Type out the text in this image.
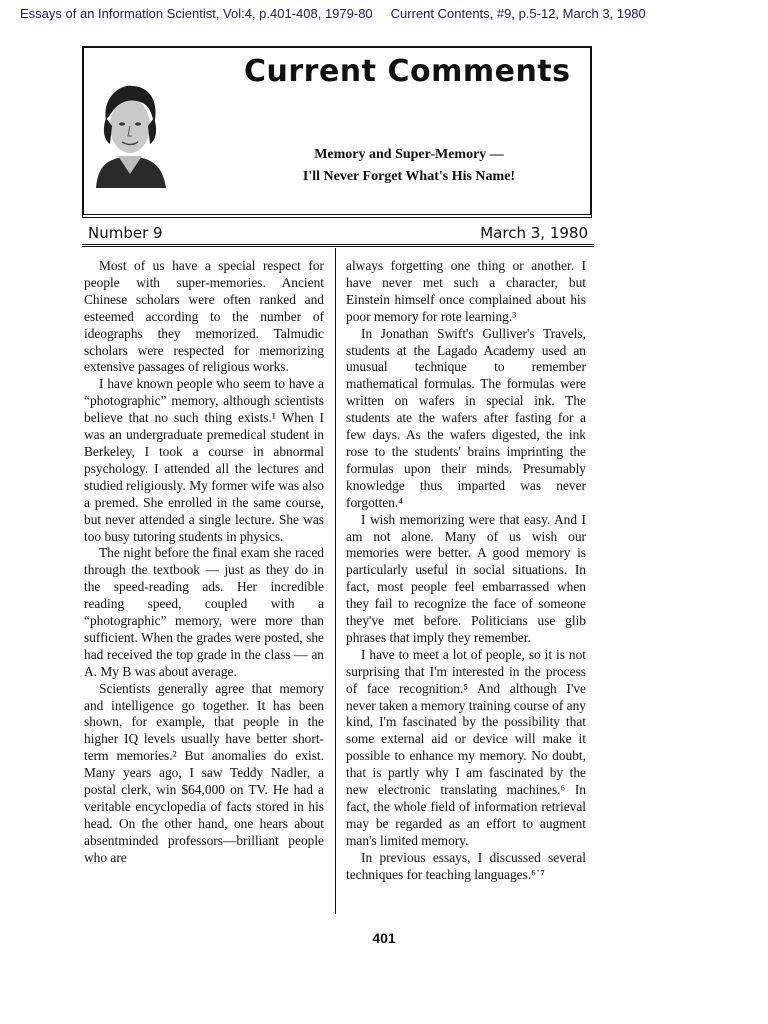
Essays of an Information Scientist, Vol:4, p.401-408, 1979-80 Current Contents, #9, p.5-12, March 3, 1980
Current Comments
Memory and Super-Memory —
I'll Never Forget What's His Name!
Number 9	March 3, 1980

Most of us have a special respect for people with super-memories. Ancient Chinese scholars were often ranked and esteemed according to the number of ideographs they memorized. Talmudic scholars were respected for memorizing extensive passages of religious works.

I have known people who seem to have a “photographic” memory, although scientists believe that no such thing exists.¹ When I was an undergraduate premedical student in Berkeley, I took a course in abnormal psychology. I attended all the lectures and studied religiously. My former wife was also a premed. She enrolled in the same course, but never attended a single lecture. She was too busy tutoring students in physics.

The night before the final exam she raced through the textbook — just as they do in the speed-reading ads. Her incredible reading speed, coupled with a “photographic” memory, were more than sufficient. When the grades were posted, she had received the top grade in the class — an A. My B was about average.

Scientists generally agree that memory and intelligence go together. It has been shown, for example, that people in the higher IQ levels usually have better short-term memories.² But anomalies do exist. Many years ago, I saw Teddy Nadler, a postal clerk, win $64,000 on TV. He had a veritable encyclopedia of facts stored in his head. On the other hand, one hears about absentminded professors—brilliant people who are

always forgetting one thing or another. I have never met such a character, but Einstein himself once complained about his poor memory for rote learning.³

In Jonathan Swift's Gulliver's Travels, students at the Lagado Academy used an unusual technique to remember mathematical formulas. The formulas were written on wafers in special ink. The students ate the wafers after fasting for a few days. As the wafers digested, the ink rose to the students' brains imprinting the formulas upon their minds. Presumably knowledge thus imparted was never forgotten.⁴

I wish memorizing were that easy. And I am not alone. Many of us wish our memories were better. A good memory is particularly useful in social situations. In fact, most people feel embarrassed when they fail to recognize the face of someone they've met before. Politicians use glib phrases that imply they remember.

I have to meet a lot of people, so it is not surprising that I'm interested in the process of face recognition.⁵ And although I've never taken a memory training course of any kind, I'm fascinated by the possibility that some external aid or device will make it possible to enhance my memory. No doubt, that is partly why I am fascinated by the new electronic translating machines.⁶ In fact, the whole field of information retrieval may be regarded as an effort to augment man's limited memory.

In previous essays, I discussed several techniques for teaching languages.⁶˙⁷

401
